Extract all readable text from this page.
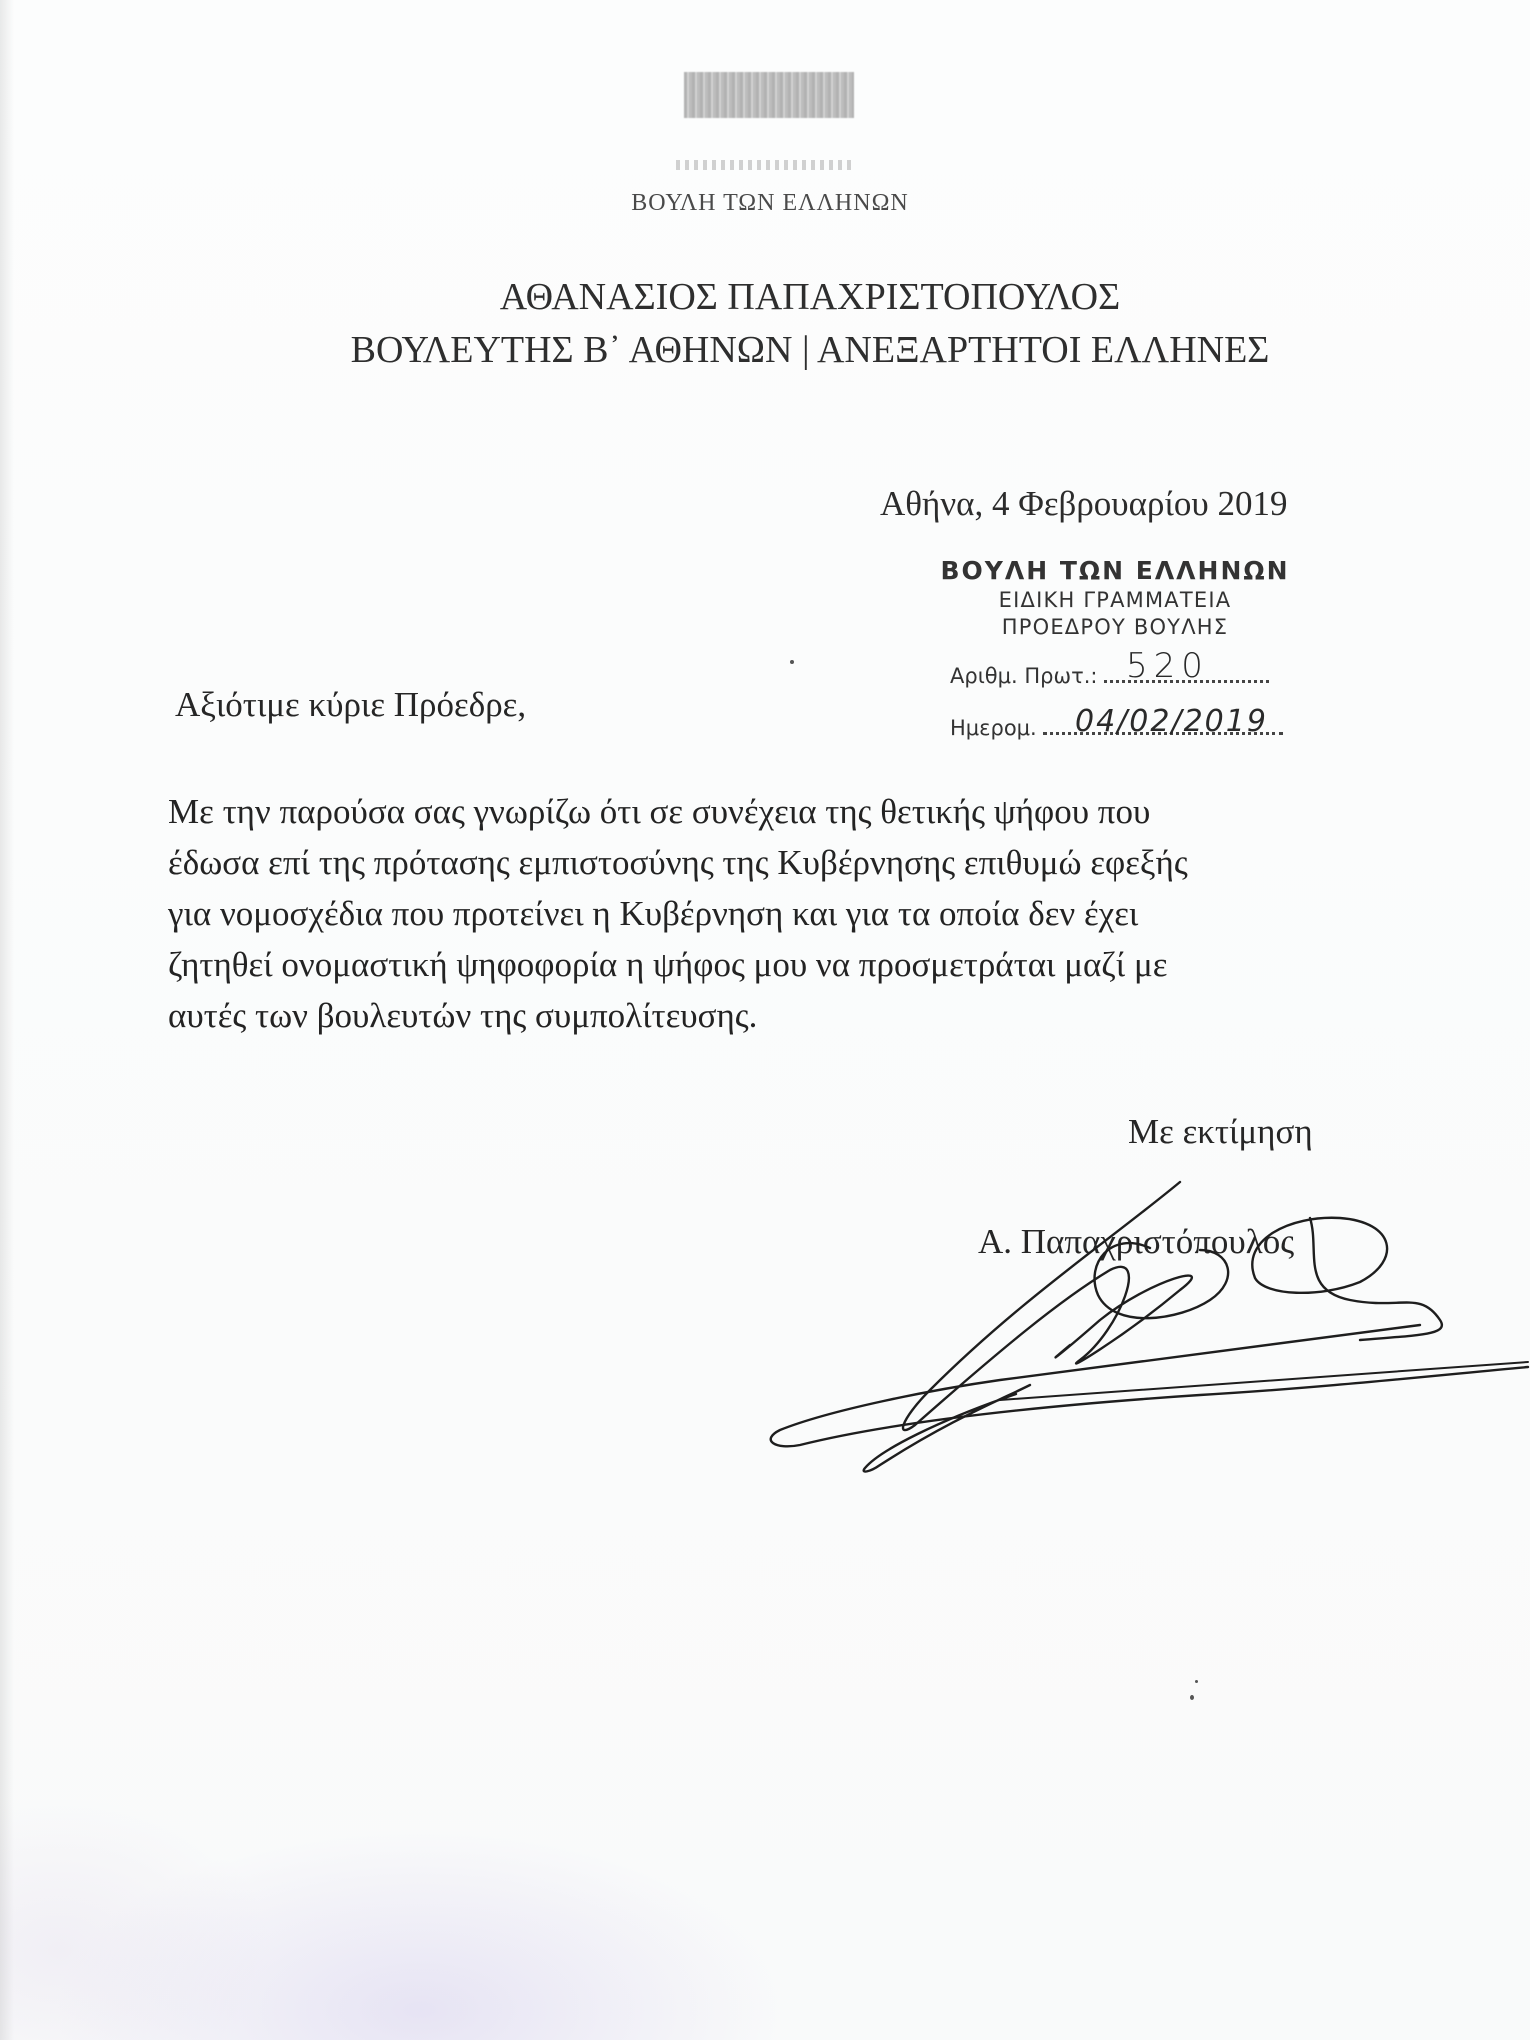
ΒΟΥΛΗ ΤΩΝ ΕΛΛΗΝΩΝ
ΑΘΑΝΑΣΙΟΣ ΠΑΠΑΧΡΙΣΤΟΠΟΥΛΟΣ
ΒΟΥΛΕΥΤΗΣ Β᾿ ΑΘΗΝΩΝ | ΑΝΕΞΑΡΤΗΤΟΙ ΕΛΛΗΝΕΣ
Αθήνα, 4 Φεβρουαρίου 2019
ΒΟΥΛΗ ΤΩΝ ΕΛΛΗΝΩΝ
ΕΙΔΙΚΗ ΓΡΑΜΜΑΤΕΙΑ
ΠΡΟΕΔΡΟΥ ΒΟΥΛΗΣ
Αριθμ. Πρωτ.:
Ημερομ.
520
04/02/2019
Αξιότιμε κύριε Πρόεδρε,
Με την παρούσα σας γνωρίζω ότι σε συνέχεια της θετικής ψήφου που
έδωσα επί της πρότασης εμπιστοσύνης της Κυβέρνησης επιθυμώ εφεξής
για νομοσχέδια που προτείνει η Κυβέρνηση και για τα οποία δεν έχει
ζητηθεί ονομαστική ψηφοφορία η ψήφος μου να προσμετράται μαζί με
αυτές των βουλευτών της συμπολίτευσης.
Με εκτίμηση
Α. Παπαχριστόπουλος
